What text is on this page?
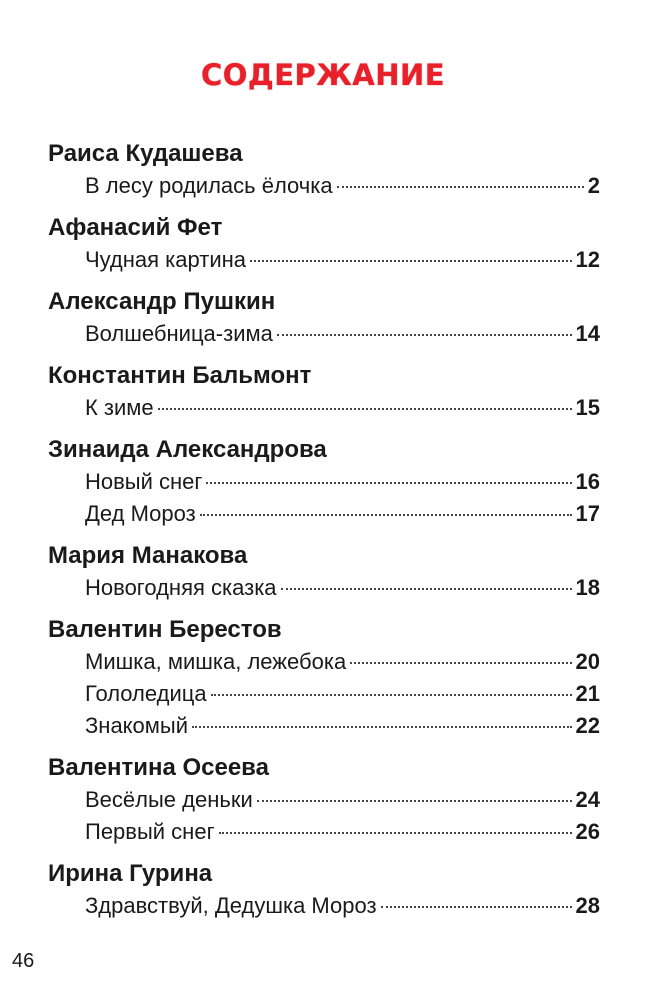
СОДЕРЖАНИЕ
Раиса Кудашева
В лесу родилась ёлочка	2
Афанасий Фет
Чудная картина	12
Александр Пушкин
Волшебница-зима	14
Константин Бальмонт
К зиме	15
Зинаида Александрова
Новый снег	16
Дед Мороз	17
Мария Манакова
Новогодняя сказка	18
Валентин Берестов
Мишка, мишка, лежебока	20
Гололедица	21
Знакомый	22
Валентина Осеева
Весёлые деньки	24
Первый снег	26
Ирина Гурина
Здравствуй, Дедушка Мороз	28
46
